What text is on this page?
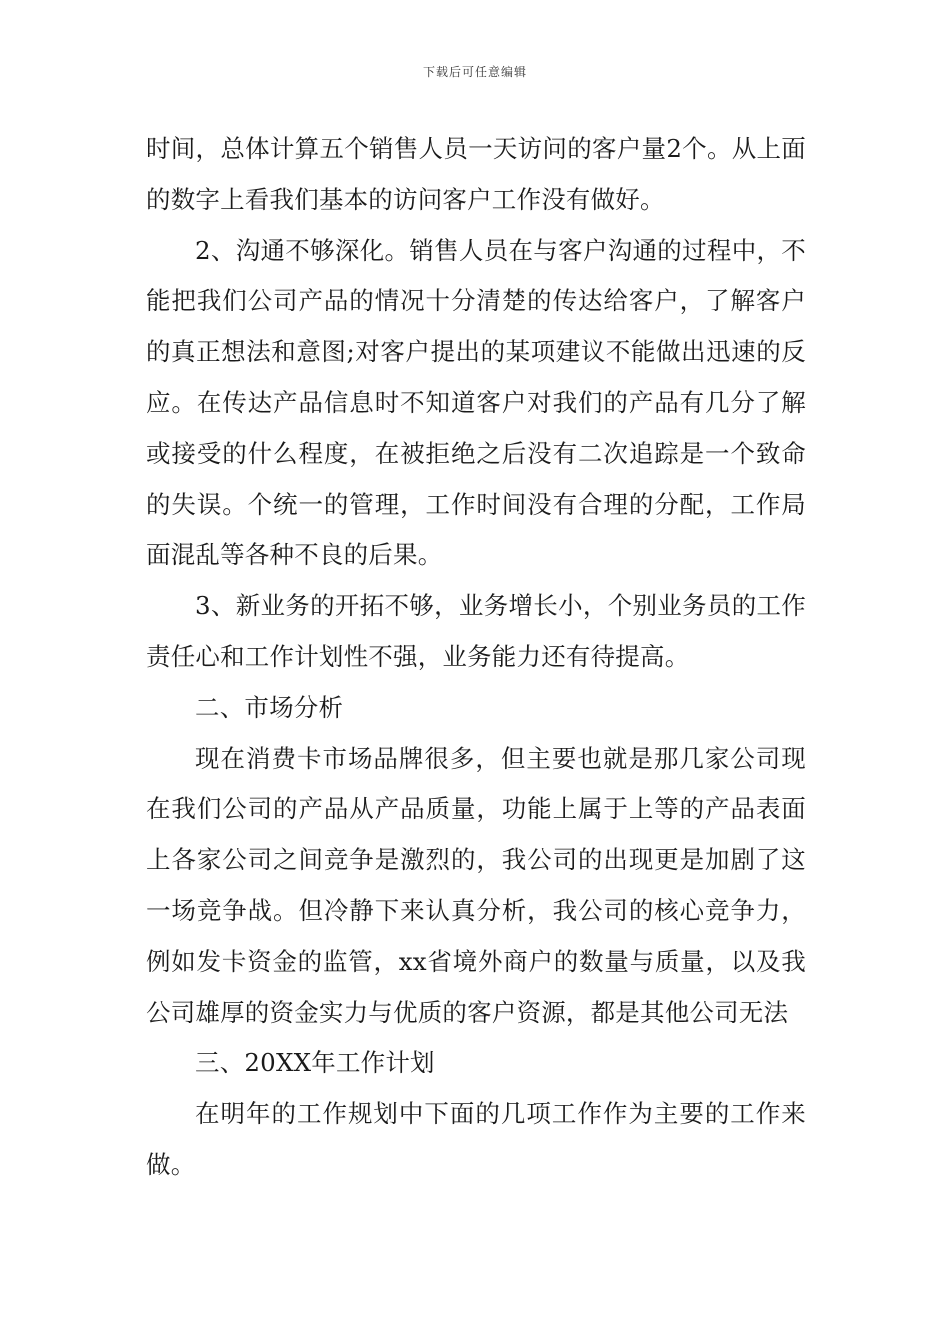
下载后可任意编辑

时间，总体计算五个销售人员一天访问的客户量2个。从上面的数字上看我们基本的访问客户工作没有做好。

2、沟通不够深化。销售人员在与客户沟通的过程中，不能把我们公司产品的情况十分清楚的传达给客户，了解客户的真正想法和意图;对客户提出的某项建议不能做出迅速的反应。在传达产品信息时不知道客户对我们的产品有几分了解或接受的什么程度，在被拒绝之后没有二次追踪是一个致命的失误。个统一的管理，工作时间没有合理的分配，工作局面混乱等各种不良的后果。

3、新业务的开拓不够，业务增长小，个别业务员的工作责任心和工作计划性不强，业务能力还有待提高。

二、市场分析

现在消费卡市场品牌很多，但主要也就是那几家公司现在我们公司的产品从产品质量，功能上属于上等的产品表面上各家公司之间竞争是激烈的，我公司的出现更是加剧了这一场竞争战。但冷静下来认真分析，我公司的核心竞争力，例如发卡资金的监管，xx省境外商户的数量与质量，以及我公司雄厚的资金实力与优质的客户资源，都是其他公司无法

三、20XX年工作计划

在明年的工作规划中下面的几项工作作为主要的工作来做。
